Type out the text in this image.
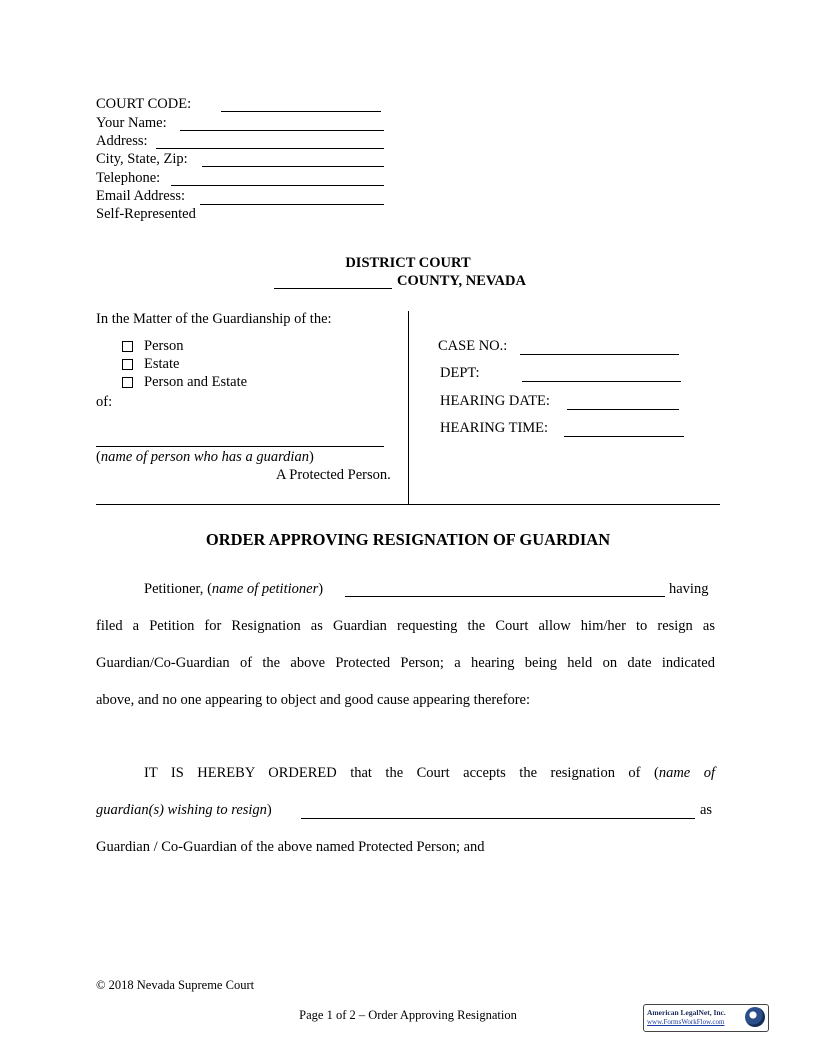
COURT CODE:
Your Name:
Address:
City, State, Zip:
Telephone:
Email Address:
Self-Represented
DISTRICT COURT
COUNTY, NEVADA
In the Matter of the Guardianship of the:
Person
Estate
Person and Estate
of:
(name of person who has a guardian)
A Protected Person.
CASE NO.:
DEPT:
HEARING DATE:
HEARING TIME:
ORDER APPROVING RESIGNATION OF GUARDIAN
Petitioner, (name of petitioner)	having
filed a Petition for Resignation as Guardian requesting the Court allow him/her to resign as
Guardian/Co-Guardian of the above Protected Person; a hearing being held on date indicated
above, and no one appearing to object and good cause appearing therefore:
IT IS HEREBY ORDERED that the Court accepts the resignation of (name of
guardian(s) wishing to resign)	as
Guardian / Co-Guardian of the above named Protected Person; and
© 2018 Nevada Supreme Court
Page 1 of 2 – Order Approving Resignation	American LegalNet, Inc.
www.FormsWorkFlow.com
